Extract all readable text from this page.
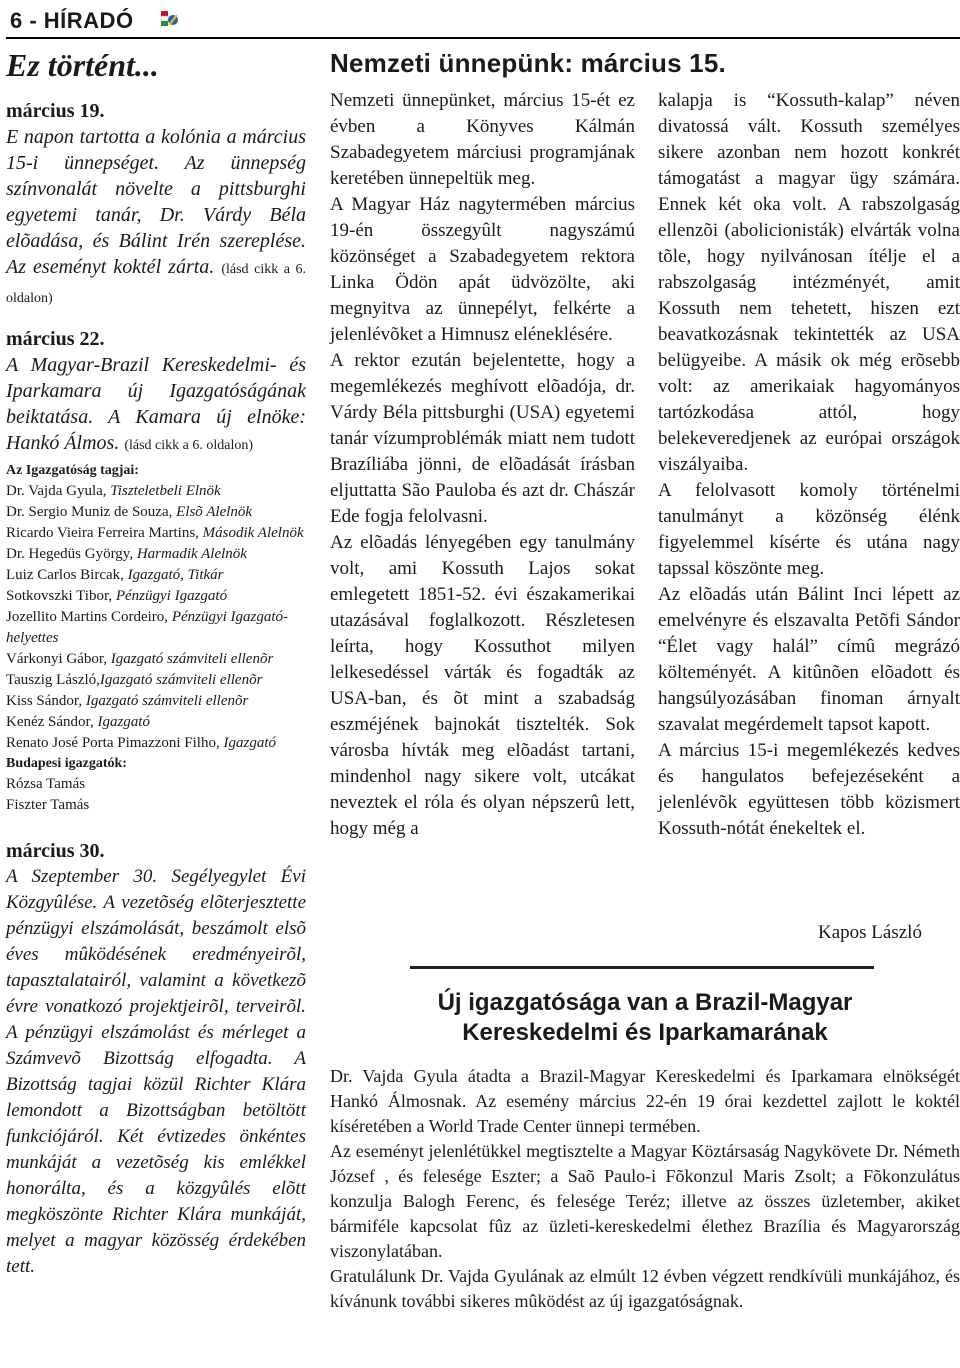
6 - HÍRADÓ
Ez történt...

március 19.

E napon tartotta a kolónia a március 15-i ünnepséget. Az ünnepség színvonalát növelte a pittsburghi egyetemi tanár, Dr. Várdy Béla elõadása, és Bálint Irén szereplése. Az eseményt koktél zárta. (lásd cikk a 6. oldalon)

március 22.

A Magyar-Brazil Kereskedelmi- és Iparkamara új Igazgatóságának beiktatása. A Kamara új elnöke: Hankó Álmos. (lásd cikk a 6. oldalon)

Az Igazgatóság tagjai:

Dr. Vajda Gyula, Tiszteletbeli Elnök

Dr. Sergio Muniz de Souza, Elsõ Alelnök

Ricardo Vieira Ferreira Martins, Második Alelnök

Dr. Hegedüs György, Harmadik Alelnök

Luiz Carlos Bircak, Igazgató, Titkár

Sotkovszki Tibor, Pénzügyi Igazgató

Jozellito Martins Cordeiro, Pénzügyi Igazgató-helyettes

Várkonyi Gábor, Igazgató számviteli ellenõr

Tauszig László,Igazgató számviteli ellenõr

Kiss Sándor, Igazgató számviteli ellenõr

Kenéz Sándor, Igazgató

Renato José Porta Pimazzoni Filho, Igazgató

Budapesi igazgatók:

Rózsa Tamás

Fiszter Tamás

március 30.

A Szeptember 30. Segélyegylet Évi Közgyûlése. A vezetõség elõterjesztette pénzügyi elszámolását, beszámolt elsõ éves mûködésének eredményeirõl, tapasztalatairól, valamint a következõ évre vonatkozó projektjeirõl, terveirõl. A pénzügyi elszámolást és mérleget a Számvevõ Bizottság elfogadta. A Bizottság tagjai közül Richter Klára lemondott a Bizottságban betöltött funkciójáról. Két évtizedes önkéntes munkáját a vezetõség kis emlékkel honorálta, és a közgyûlés elõtt megköszönte Richter Klára munkáját, melyet a magyar közösség érdekében tett.

Nemzeti ünnepünk: március 15.

Nemzeti ünnepünket, március 15-ét ez évben a Könyves Kálmán Szabadegyetem márciusi programjának keretében ünnepeltük meg.

A Magyar Ház nagytermében március 19-én összegyûlt nagyszámú közönséget a Szabadegyetem rektora Linka Ödön apát üdvözölte, aki megnyitva az ünnepélyt, felkérte a jelenlévõket a Himnusz eléneklésére.

A rektor ezután bejelentette, hogy a megemlékezés meghívott elõadója, dr. Várdy Béla pittsburghi (USA) egyetemi tanár vízumproblémák miatt nem tudott Brazíliába jönni, de elõadását írásban eljuttatta São Pauloba és azt dr. Chászár Ede fogja felolvasni.

Az elõadás lényegében egy tanulmány volt, ami Kossuth Lajos sokat emlegetett 1851-52. évi északamerikai utazásával foglalkozott. Részletesen leírta, hogy Kossuthot milyen lelkesedéssel várták és fogadták az USA-ban, és õt mint a szabadság eszméjének bajnokát tisztelték. Sok városba hívták meg elõadást tartani, mindenhol nagy sikere volt, utcákat neveztek el róla és olyan népszerû lett, hogy még a

kalapja is “Kossuth-kalap” néven divatossá vált. Kossuth személyes sikere azonban nem hozott konkrét támogatást a magyar ügy számára. Ennek két oka volt. A rabszolgaság ellenzõi (abolicionisták) elvárták volna tõle, hogy nyilvánosan ítélje el a rabszolgaság intézményét, amit Kossuth nem tehetett, hiszen ezt beavatkozásnak tekintették az USA belügyeibe. A másik ok még erõsebb volt: az amerikaiak hagyományos tartózkodása attól, hogy belekeveredjenek az európai országok viszályaiba.

A felolvasott komoly történelmi tanulmányt a közönség élénk figyelemmel kísérte és utána nagy tapssal köszönte meg.

Az elõadás után Bálint Inci lépett az emelvényre és elszavalta Petõfi Sándor “Élet vagy halál” címû megrázó költeményét. A kitûnõen elõadott és hangsúlyozásában finoman árnyalt szavalat megérdemelt tapsot kapott.

A március 15-i megemlékezés kedves és hangulatos befejezéseként a jelenlévõk együttesen több közismert Kossuth-nótát énekeltek el.

Kapos László

Új igazgatósága van a Brazil-Magyar

Kereskedelmi és Iparkamarának

Dr. Vajda Gyula átadta a Brazil-Magyar Kereskedelmi és Iparkamara elnökségét Hankó Álmosnak. Az esemény március 22-én 19 órai kezdettel zajlott le koktél kíséretében a World Trade Center ünnepi termében.

Az eseményt jelenlétükkel megtisztelte a Magyar Köztársaság Nagykövete Dr. Németh József , és felesége Eszter; a Saõ Paulo-i Fõkonzul Maris Zsolt; a Fõkonzulátus konzulja Balogh Ferenc, és felesége Teréz; illetve az összes üzletember, akiket bármiféle kapcsolat fûz az üzleti-kereskedelmi élethez Brazília és Magyarország viszonylatában.

Gratulálunk Dr. Vajda Gyulának az elmúlt 12 évben végzett rendkívüli munkájához, és kívánunk további sikeres mûködést az új igazgatóságnak.
